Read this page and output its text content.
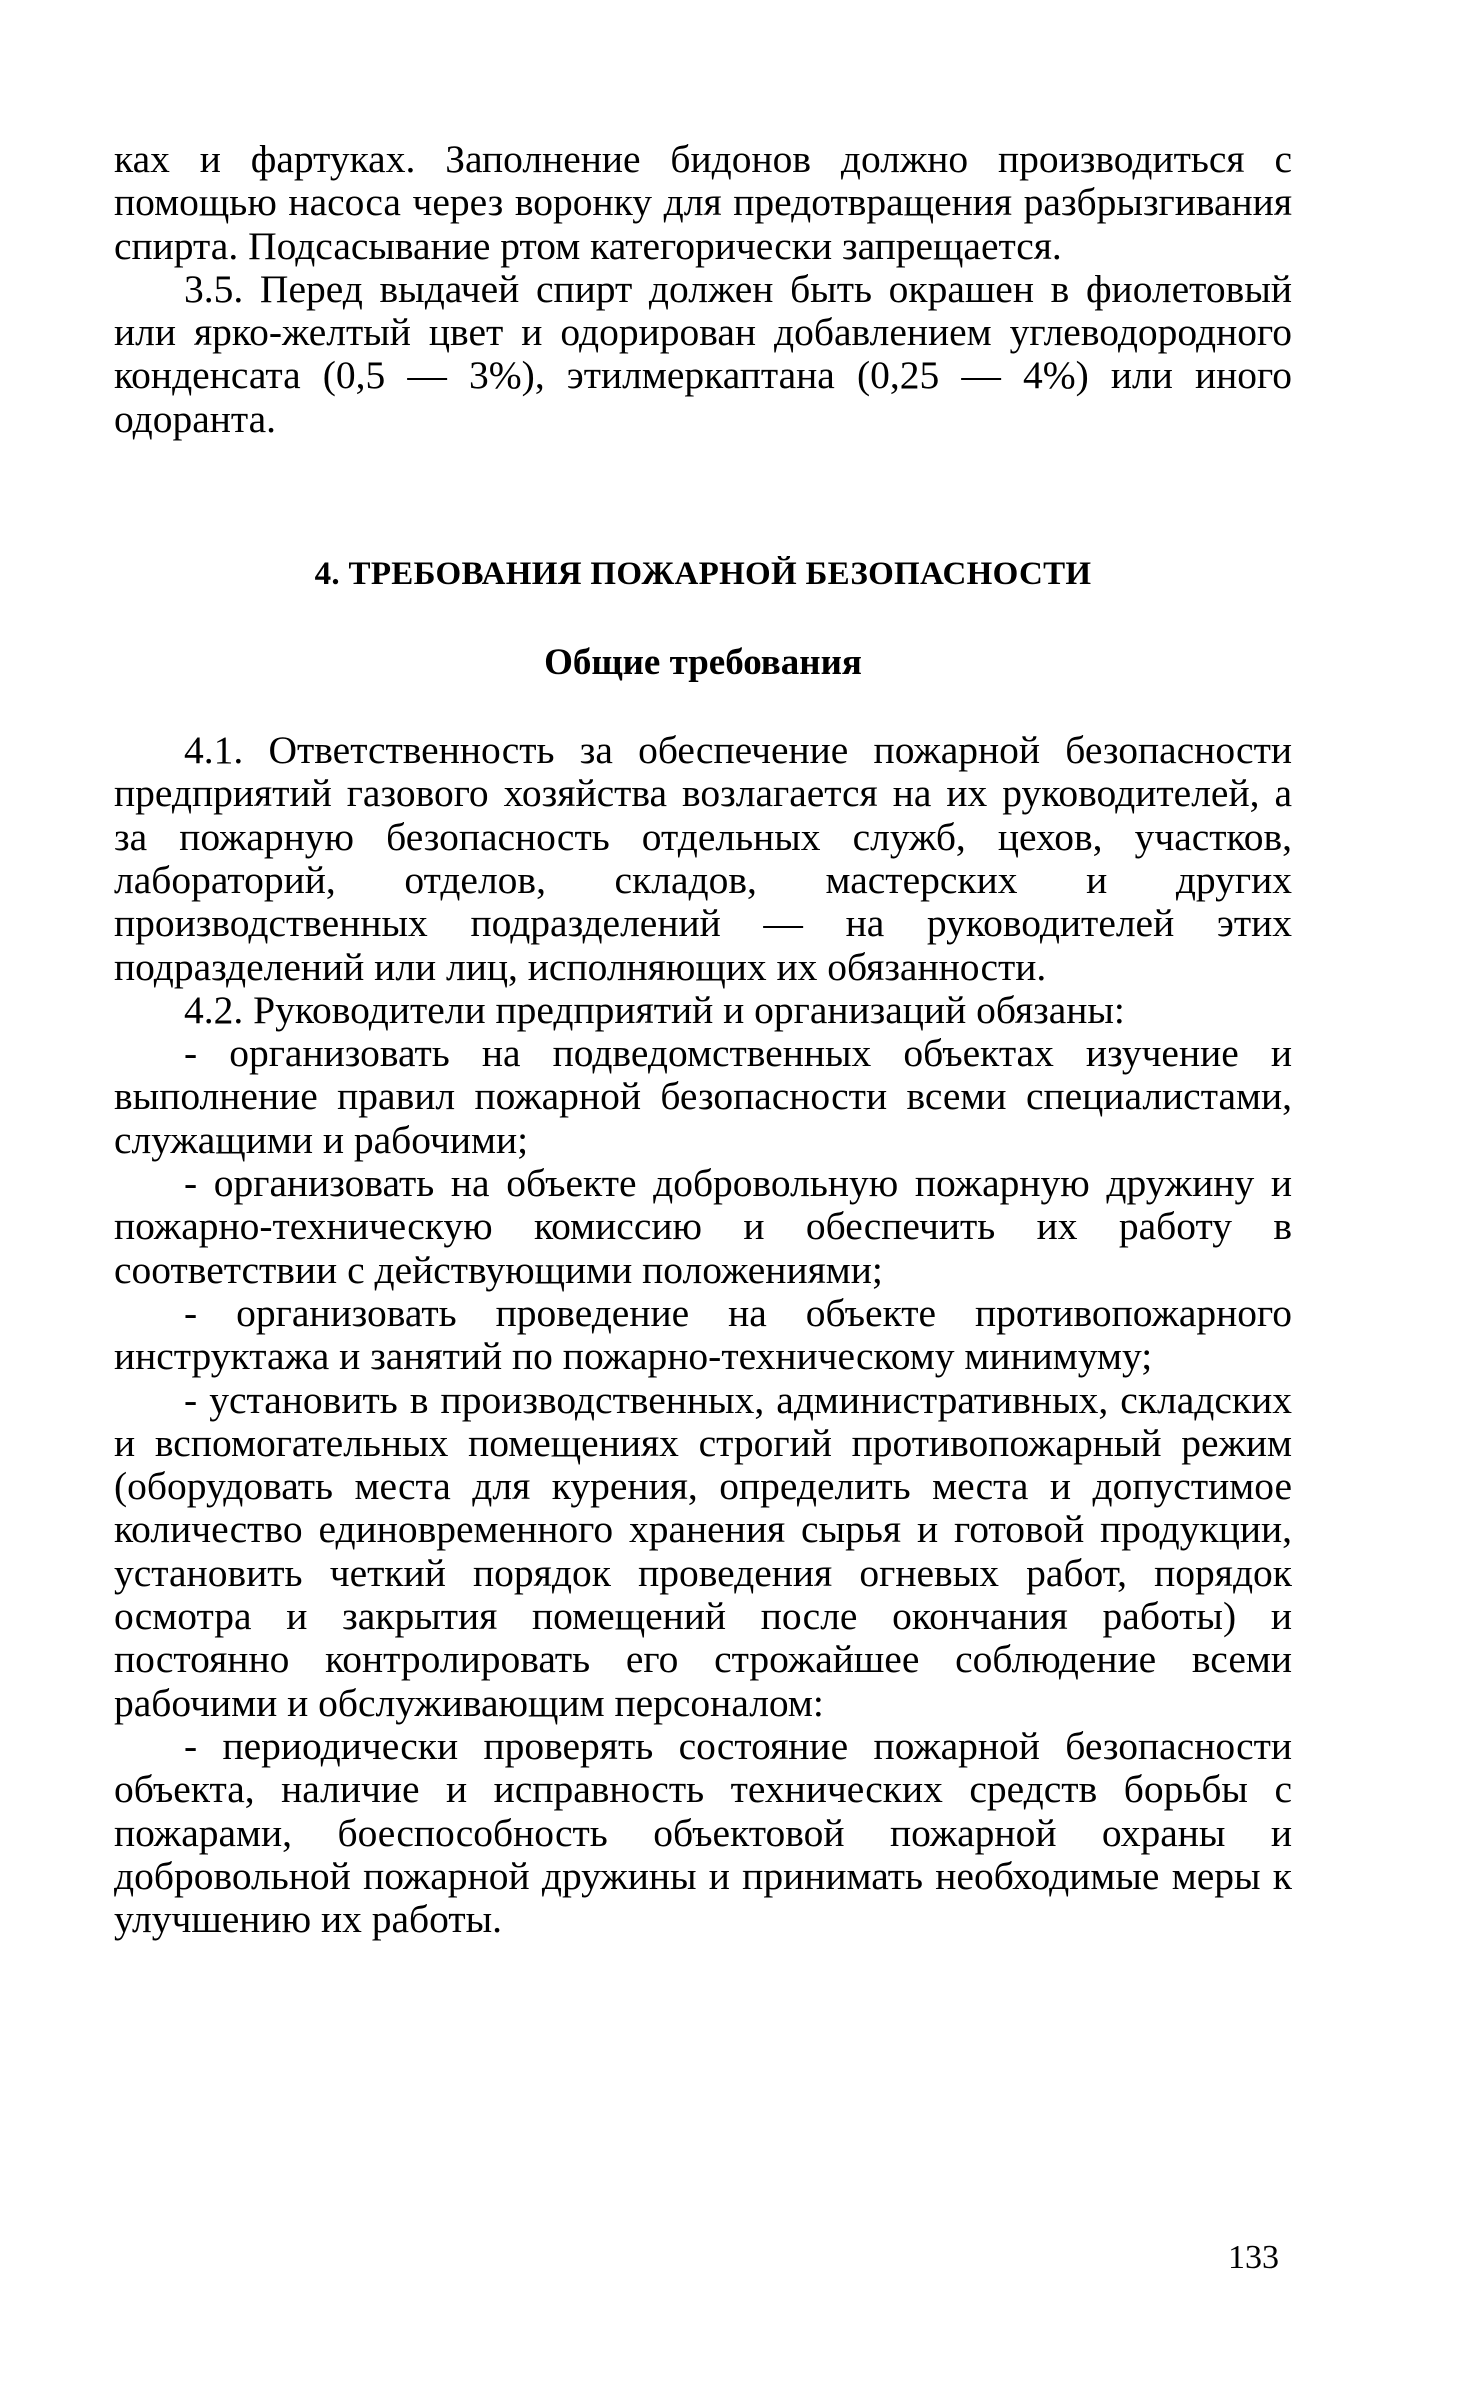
ках и фартуках. Заполнение бидонов должно производиться с помощью насоса через воронку для предотвращения разбрызгивания спирта. Подсасывание ртом категорически запрещается.

3.5. Перед выдачей спирт должен быть окрашен в фиолетовый или ярко-желтый цвет и одорирован добавлением углеводородного конденсата (0,5 — 3%), этилмеркаптана (0,25 — 4%) или иного одоранта.

4. ТРЕБОВАНИЯ ПОЖАРНОЙ БЕЗОПАСНОСТИ
Общие требования

4.1. Ответственность за обеспечение пожарной безопасности предприятий газового хозяйства возлагается на их руководителей, а за пожарную безопасность отдельных служб, цехов, участков, лабораторий, отделов, складов, мастерских и других производственных подразделений — на руководителей этих подразделений или лиц, исполняющих их обязанности.

4.2. Руководители предприятий и организаций обязаны:

- организовать на подведомственных объектах изучение и выполнение правил пожарной безопасности всеми специалистами, служащими и рабочими;

- организовать на объекте добровольную пожарную дружину и пожарно-техническую комиссию и обеспечить их работу в соответствии с действующими положениями;

- организовать проведение на объекте противопожарного инструктажа и занятий по пожарно-техническому минимуму;

- установить в производственных, административных, складских и вспомогательных помещениях строгий противопожарный режим (оборудовать места для курения, определить места и допустимое количество единовременного хранения сырья и готовой продукции, установить четкий порядок проведения огневых работ, порядок осмотра и закрытия помещений после окончания работы) и постоянно контролировать его строжайшее соблюдение всеми рабочими и обслуживающим персоналом:

- периодически проверять состояние пожарной безопасности объекта, наличие и исправность технических средств борьбы с пожарами, боеспособность объектовой пожарной охраны и добровольной пожарной дружины и принимать необходимые меры к улучшению их работы.

133
